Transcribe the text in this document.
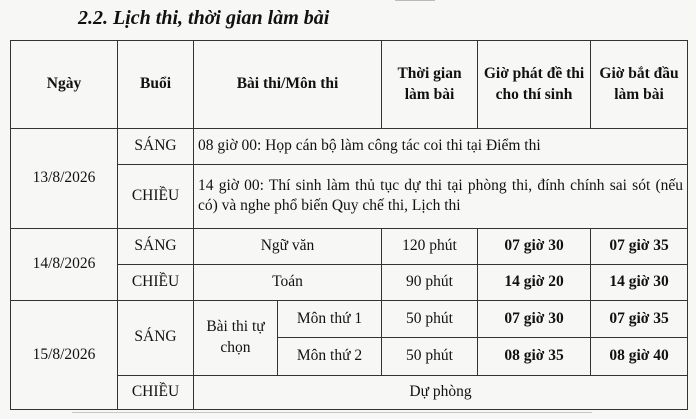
2.2. Lịch thi, thời gian làm bài
Ngày	Buổi	Bài thi/Môn thi		Thời gian làm bài	Giờ phát đề thi cho thí sinh	Giờ bắt đầu làm bài
13/8/2026	SÁNG	08 giờ 00: Họp cán bộ làm công tác coi thi tại Điểm thi				
	CHIỀU	14 giờ 00: Thí sinh làm thủ tục dự thi tại phòng thi, đính chính sai sót (nếu có) và nghe phổ biến Quy chế thi, Lịch thi				
14/8/2026	SÁNG	Ngữ văn		120 phút	07 giờ 30	07 giờ 35
	CHIỀU	Toán		90 phút	14 giờ 20	14 giờ 30
15/8/2026	SÁNG	Bài thi tự chọn	Môn thứ 1	50 phút	07 giờ 30	07 giờ 35
			Môn thứ 2	50 phút	08 giờ 35	08 giờ 40
	CHIỀU	Dự phòng				
